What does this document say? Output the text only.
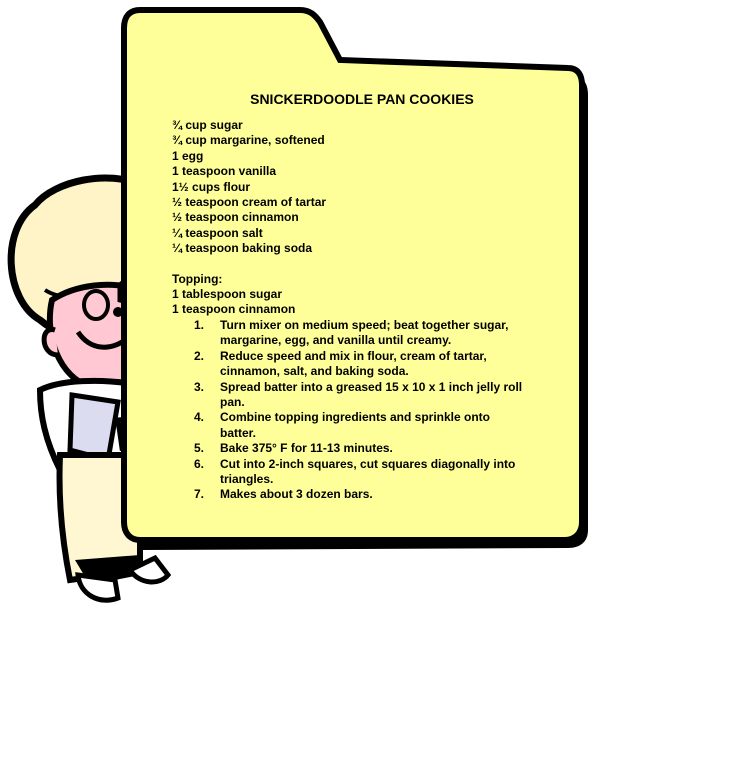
SNICKERDOODLE PAN COOKIES
¾ cup sugar
¾ cup margarine, softened
1 egg
1 teaspoon vanilla
1½ cups flour
½ teaspoon cream of tartar
½ teaspoon cinnamon
¼ teaspoon salt
¼ teaspoon baking soda
Topping:
1 tablespoon sugar
1 teaspoon cinnamon
1.	Turn mixer on medium speed; beat together sugar, margarine, egg, and vanilla until creamy.
2.	Reduce speed and mix in flour, cream of tartar, cinnamon, salt, and baking soda.
3.	Spread batter into a greased 15 x 10 x 1 inch jelly roll pan.
4.	Combine topping ingredients and sprinkle onto batter.
5.	Bake 375° F for 11-13 minutes.
6.	Cut into 2-inch squares, cut squares diagonally into triangles.
7.	Makes about 3 dozen bars.
